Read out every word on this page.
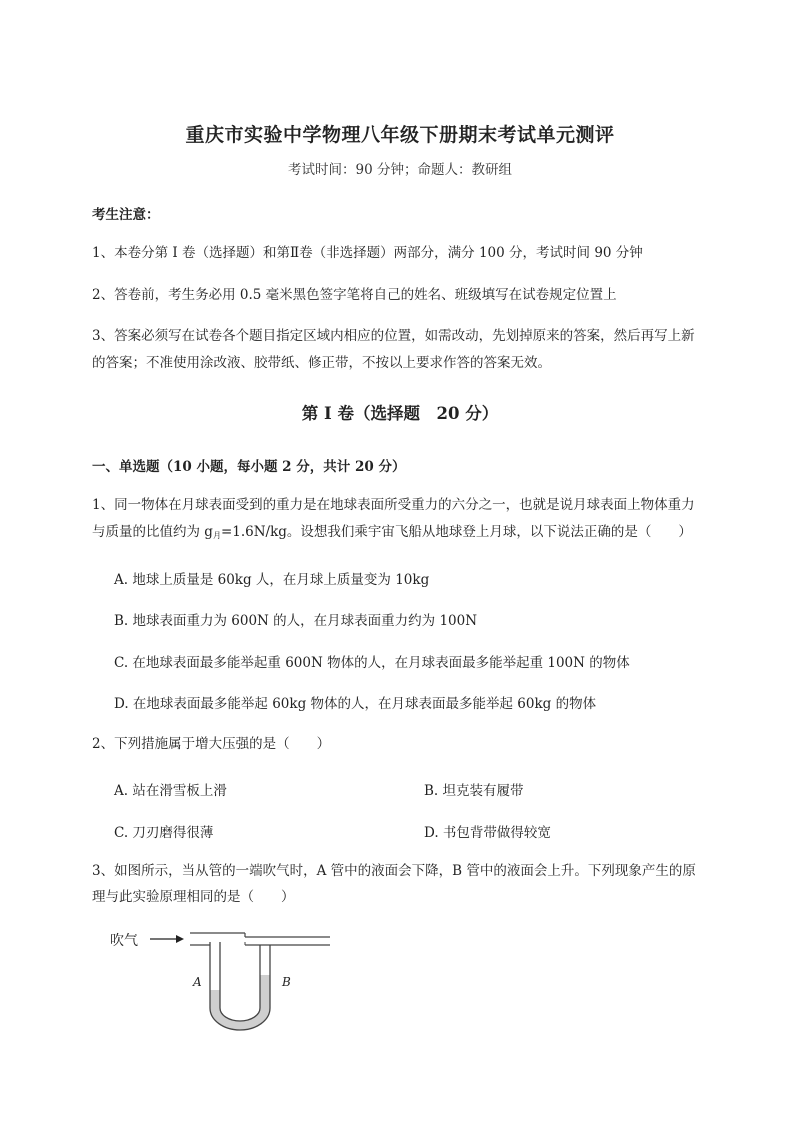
重庆市实验中学物理八年级下册期末考试单元测评
考试时间：90 分钟；命题人：教研组
考生注意：
1、本卷分第 I 卷（选择题）和第Ⅱ卷（非选择题）两部分，满分 100 分，考试时间 90 分钟
2、答卷前，考生务必用 0.5 毫米黑色签字笔将自己的姓名、班级填写在试卷规定位置上
3、答案必须写在试卷各个题目指定区域内相应的位置，如需改动，先划掉原来的答案，然后再写上新
的答案；不准使用涂改液、胶带纸、修正带，不按以上要求作答的答案无效。
第 I 卷（选择题　20 分）
一、单选题（10 小题，每小题 2 分，共计 20 分）
1、同一物体在月球表面受到的重力是在地球表面所受重力的六分之一，也就是说月球表面上物体重力
与质量的比值约为 $g_月=1.6N/kg$。设想我们乘宇宙飞船从地球登上月球，以下说法正确的是（　　）
A. 地球上质量是 60kg 人，在月球上质量变为 10kg
B. 地球表面重力为 600N 的人，在月球表面重力约为 100N
C. 在地球表面最多能举起重 600N 物体的人，在月球表面最多能举起重 100N 的物体
D. 在地球表面最多能举起 60kg 物体的人，在月球表面最多能举起 60kg 的物体
2、下列措施属于增大压强的是（　　）
A. 站在滑雪板上滑	B. 坦克装有履带
C. 刀刃磨得很薄	D. 书包背带做得较宽
3、如图所示，当从管的一端吹气时，A 管中的液面会下降，B 管中的液面会上升。下列现象产生的原
理与此实验原理相同的是（　　）
吹气
A	B
